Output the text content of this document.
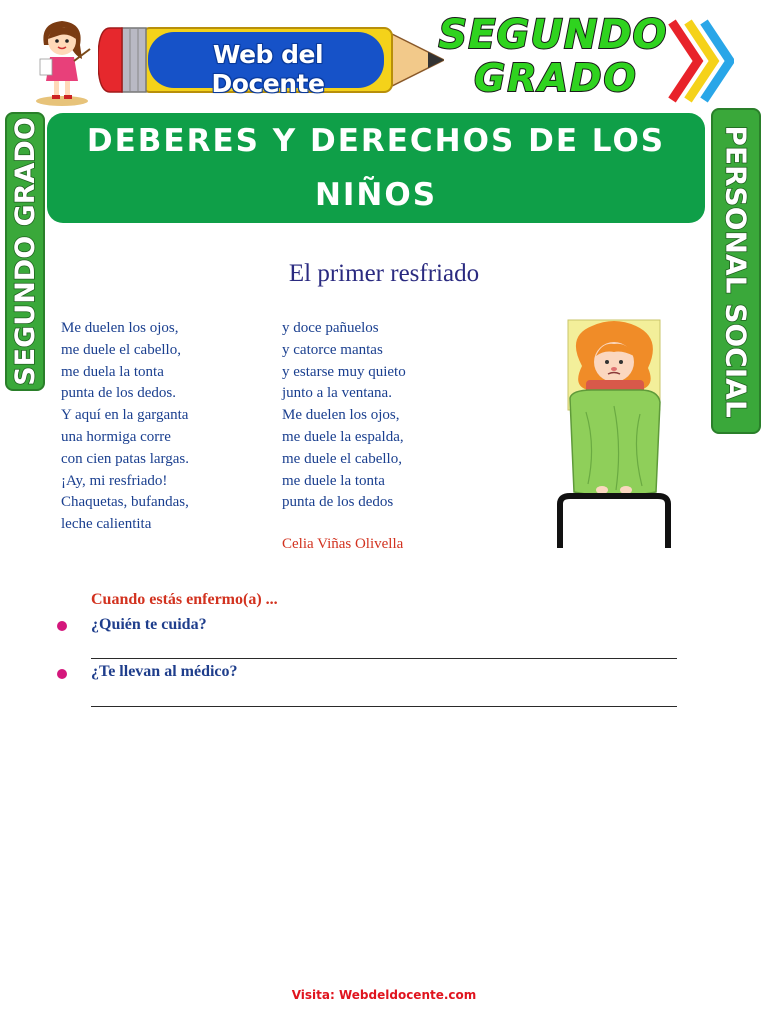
Web del Docente
SEGUNDO
GRADO
SEGUNDO GRADO	PERSONAL SOCIAL
DEBERES Y DERECHOS DE LOS
NIÑOS
El primer resfriado
Me duelen los ojos,
me duele el cabello,
me duela la tonta
punta de los dedos.
Y aquí en la garganta
una hormiga corre
con cien patas largas.
¡Ay, mi resfriado!
Chaquetas, bufandas,
leche calientita
y doce pañuelos
y catorce mantas
y estarse muy quieto
junto a la ventana.
Me duelen los ojos,
me duele la espalda,
me duele el cabello,
me duele la tonta
punta de los dedos
Celia Viñas Olivella
Cuando estás enfermo(a) ...
¿Quién te cuida?
¿Te llevan al médico?
Visita: Webdeldocente.com
